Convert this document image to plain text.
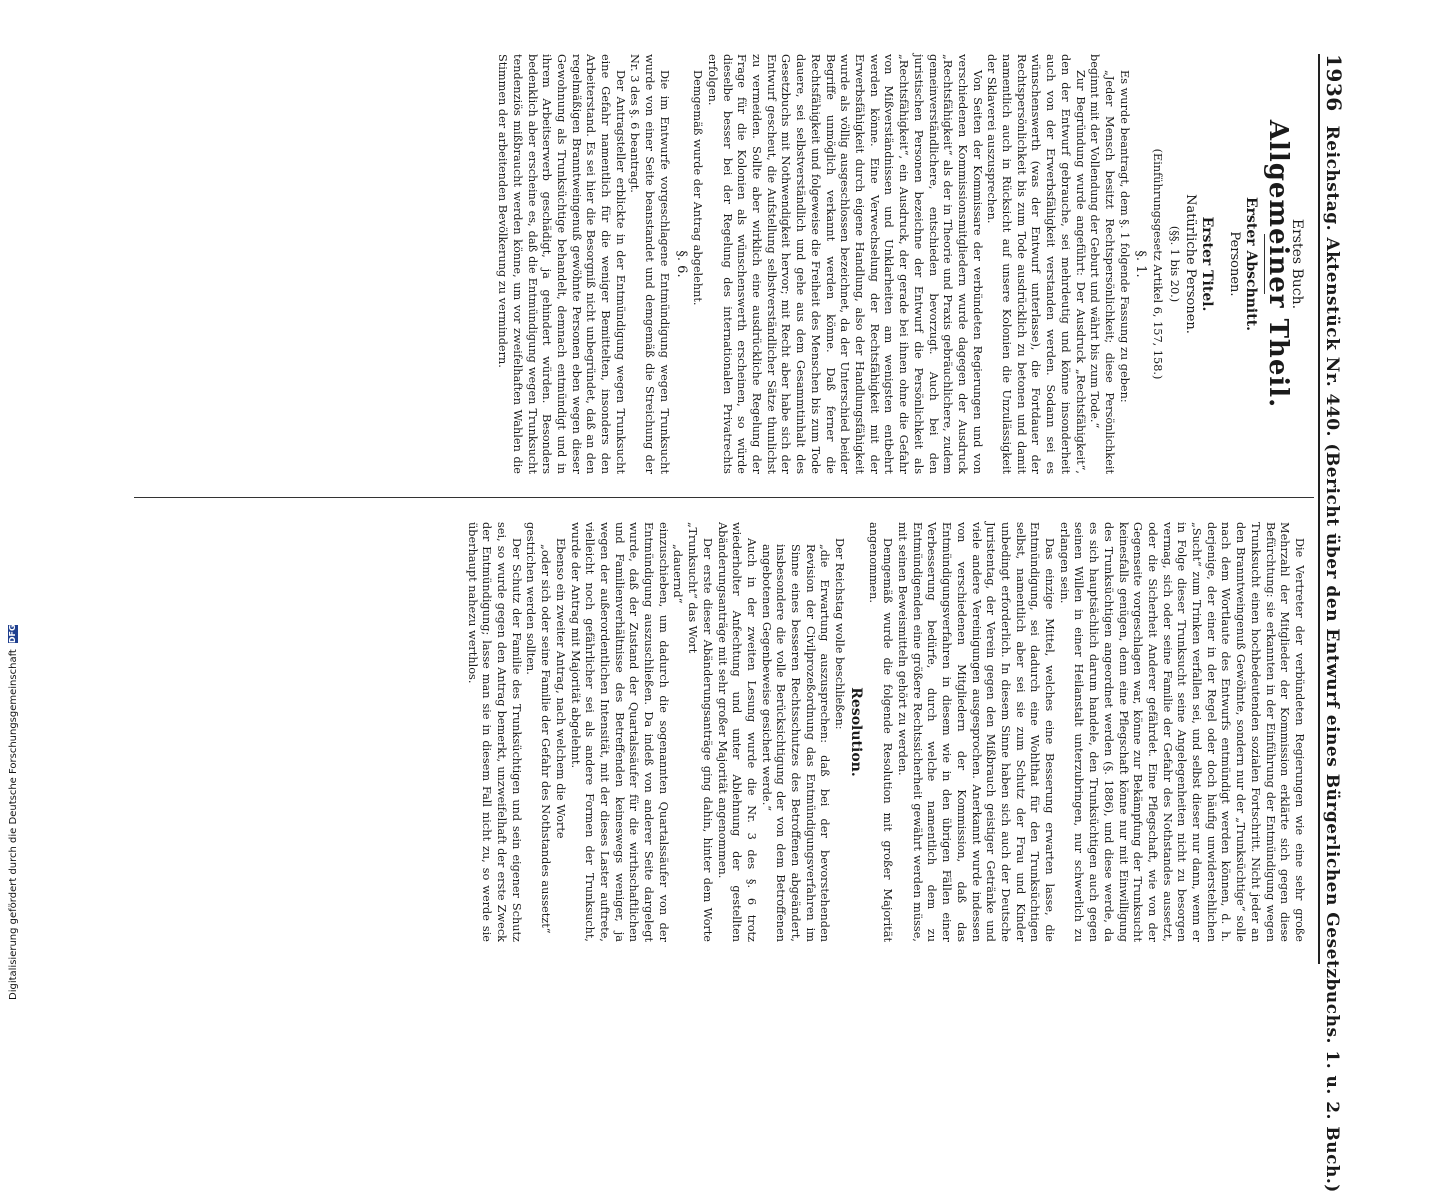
1936
Reichstag. Aktenstück Nr. 440. (Bericht über den Entwurf eines Bürgerlichen Gesetzbuchs. 1. u. 2. Buch.)
Erstes Buch.
Allgemeiner Theil.
Erster Abschnitt.
Personen.
Erster Titel.
Natürliche Personen.
(§§. 1 bis 20.)
(Einführungsgesetz Artikel 6, 157, 158.)
§. 1.

Es wurde beantragt, dem §. 1 folgende Fassung zu geben:

„Jeder Mensch besitzt Rechtspersönlichkeit; diese Persönlichkeit beginnt mit der Vollendung der Geburt und währt bis zum Tode.“

Zur Begründung wurde angeführt: Der Ausdruck „Rechtsfähigkeit“, den der Entwurf gebrauche, sei mehrdeutig und könne insonderheit auch von der Erwerbsfähigkeit verstanden werden. Sodann sei es wünschenswerth (was der Entwurf unterlasse), die Fortdauer der Rechtspersönlichkeit bis zum Tode ausdrücklich zu betonen und damit namentlich auch in Rücksicht auf unsere Kolonien die Unzulässigkeit der Sklaverei auszusprechen.

Von Seiten der Kommissare der verbündeten Regierungen und von verschiedenen Kommissionsmitgliedern wurde dagegen der Ausdruck „Rechtsfähigkeit“ als der in Theorie und Praxis gebräuchlichere, zudem gemeinverständlichere, entschieden bevorzugt. Auch bei den juristischen Personen bezeichne der Entwurf die Persönlichkeit als „Rechtsfähigkeit“, ein Ausdruck, der gerade bei ihnen ohne die Gefahr von Mißverständnissen und Unklarheiten am wenigsten entbehrt werden könne. Eine Verwechselung der Rechtsfähigkeit mit der Erwerbsfähigkeit durch eigene Handlung, also der Handlungsfähigkeit wurde als völlig ausgeschlossen bezeichnet, da der Unterschied beider Begriffe unmöglich verkannt werden könne. Daß ferner die Rechtsfähigkeit und folgeweise die Freiheit des Menschen bis zum Tode dauere, sei selbstverständlich und gehe aus dem Gesammtinhalt des Gesetzbuchs mit Nothwendigkeit hervor; mit Recht aber habe sich der Entwurf gescheut, die Aufstellung selbstverständlicher Sätze thunlichst zu vermeiden. Sollte aber wirklich eine ausdrückliche Regelung der Frage für die Kolonien als wünschenswerth erscheinen, so würde dieselbe besser bei der Regelung des internationalen Privatrechts erfolgen.

Demgemäß wurde der Antrag abgelehnt.

§. 6.

Die im Entwurfe vorgeschlagene Entmündigung wegen Trunksucht wurde von einer Seite beanstandet und demgemäß die Streichung der Nr. 3 des §. 6 beantragt.

Der Antragsteller erblickte in der Entmündigung wegen Trunksucht eine Gefahr namentlich für die weniger Bemittelten, insonders den Arbeiterstand. Es sei hier die Besorgniß nicht unbegründet, daß an den regelmäßigen Branntweingenuß gewöhnte Personen eben wegen dieser Gewohnung als Trunksüchtige behandelt, demnach entmündigt und in ihrem Arbeitserwerb geschädigt, ja gehindert würden. Besonders bedenklich aber erscheine es, daß die Entmündigung wegen Trunksucht tendenziös mißbraucht werden könne, um vor zweifelhaften Wahlen die Stimmen der arbeitenden Bevölkerung zu vermindern.

Die Vertreter der verbündeten Regierungen wie eine sehr große Mehrzahl der Mitglieder der Kommission erklärte sich gegen diese Befürchtung: sie erkannten in der Einführung der Entmündigung wegen Trunksucht einen hochbedeutenden sozialen Fortschritt. Nicht jeder an den Branntweingenuß Gewöhnte, sondern nur der „Trunksüchtige“ solle nach dem Wortlaute des Entwurfs entmündigt werden können, d. h. derjenige, der einer in der Regel oder doch häufig unwiderstehlichen „Sucht“ zum Trinken verfallen sei, und selbst dieser nur dann, wenn er in Folge dieser Trunksucht seine Angelegenheiten nicht zu besorgen vermag, sich oder seine Familie der Gefahr des Nothstandes aussetzt, oder die Sicherheit Anderer gefährdet. Eine Pflegschaft, wie von der Gegenseite vorgeschlagen war, könne zur Bekämpfung der Trunksucht keinesfalls genügen, denn eine Pflegschaft könne nur mit Einwilligung des Trunksüchtigen angeordnet werden (§. 1886), und diese werde, da es sich hauptsächlich darum handele, den Trunksüchtigen auch gegen seinen Willen in einer Heilanstalt unterzubringen, nur schwerlich zu erlangen sein.

Das einzige Mittel, welches eine Besserung erwarten lasse, die Entmündigung, sei dadurch eine Wohlthat für den Trunksüchtigen selbst, namentlich aber sei sie zum Schutz der Frau und Kinder unbedingt erforderlich. In diesem Sinne haben sich auch der Deutsche Juristentag, der Verein gegen den Mißbrauch geistiger Getränke und viele andere Vereinigungen ausgesprochen. Anerkannt wurde indessen von verschiedenen Mitgliedern der Kommission, daß das Entmündigungsverfahren in diesem wie in den übrigen Fällen einer Verbesserung bedürfe, durch welche namentlich dem zu Entmündigenden eine größere Rechtssicherheit gewährt werden müsse, mit seinen Beweismitteln gehört zu werden.

Demgemäß wurde die folgende Resolution mit großer Majorität angenommen.

Resolution.

Der Reichstag wolle beschließen:

„die Erwartung auszusprechen: daß bei der bevorstehenden Revision der Civilprozeßordnung das Entmündigungsverfahren im Sinne eines besseren Rechtsschutzes des Betroffenen abgeändert, insbesondere die volle Berücksichtigung der von dem Betroffenen angebotenen Gegenbeweise gesichert werde.“

Auch in der zweiten Lesung wurde die Nr. 3 des §. 6 trotz wiederholter Anfechtung und unter Ablehnung der gestellten Abänderungsanträge mit sehr großer Majorität angenommen.

Der erste dieser Abänderungsanträge ging dahin, hinter dem Worte „Trunksucht“ das Wort

„dauernd“

einzuschieben, um dadurch die sogenannten Quartalssäufer von der Entmündigung auszuschließen. Da indeß von anderer Seite dargelegt wurde, daß der Zustand der Quartalssäufer für die wirthschaftlichen und Familienverhältnisse des Betreffenden keineswegs weniger, ja wegen der außerordentlichen Intensität, mit der dieses Laster auftrete, vielleicht noch gefährlicher sei als andere Formen der Trunksucht, wurde der Antrag mit Majorität abgelehnt.

Ebenso ein zweiter Antrag, nach welchem die Worte

„oder sich oder seine Familie der Gefahr des Nothstandes aussetzt“

gestrichen werden sollten.

Der Schutz der Familie des Trunksüchtigen und sein eigener Schutz sei, so wurde gegen den Antrag bemerkt, unzweifelhaft der erste Zweck der Entmündigung; lasse man sie in diesem Fall nicht zu, so werde sie überhaupt nahezu werthlos.

Digitalisierung gefördert durch die Deutsche Forschungsgemeinschaft
DFG
